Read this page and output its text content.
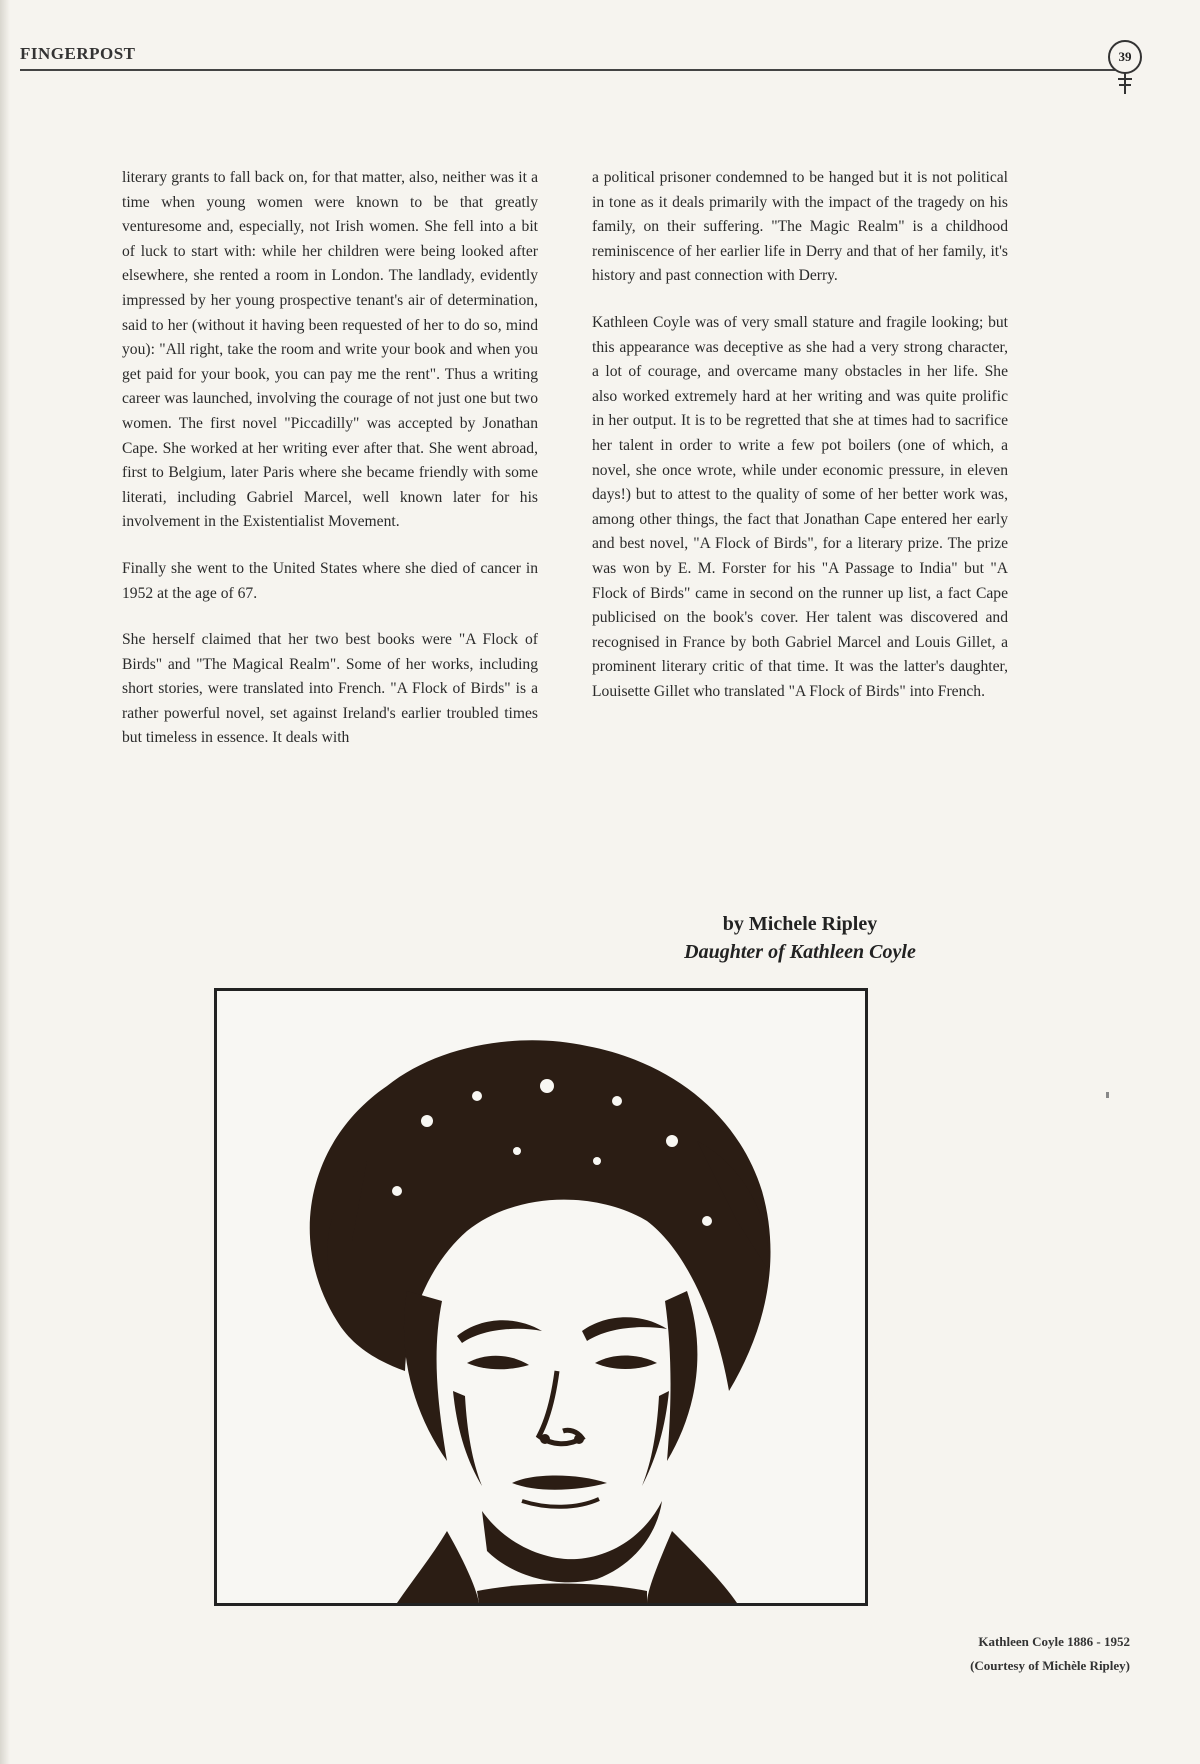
FINGERPOST	39

literary grants to fall back on, for that matter, also, neither was it a time when young women were known to be that greatly venturesome and, especially, not Irish women. She fell into a bit of luck to start with: while her children were being looked after elsewhere, she rented a room in London. The landlady, evidently impressed by her young prospective tenant's air of determination, said to her (without it having been requested of her to do so, mind you): "All right, take the room and write your book and when you get paid for your book, you can pay me the rent". Thus a writing career was launched, involving the courage of not just one but two women. The first novel "Piccadilly" was accepted by Jonathan Cape. She worked at her writing ever after that. She went abroad, first to Belgium, later Paris where she became friendly with some literati, including Gabriel Marcel, well known later for his involvement in the Existentialist Movement.

Finally she went to the United States where she died of cancer in 1952 at the age of 67.

She herself claimed that her two best books were "A Flock of Birds" and "The Magical Realm". Some of her works, including short stories, were translated into French. "A Flock of Birds" is a rather powerful novel, set against Ireland's earlier troubled times but timeless in essence. It deals with

a political prisoner condemned to be hanged but it is not political in tone as it deals primarily with the impact of the tragedy on his family, on their suffering. "The Magic Realm" is a childhood reminiscence of her earlier life in Derry and that of her family, it's history and past connection with Derry.

Kathleen Coyle was of very small stature and fragile looking; but this appearance was deceptive as she had a very strong character, a lot of courage, and overcame many obstacles in her life. She also worked extremely hard at her writing and was quite prolific in her output. It is to be regretted that she at times had to sacrifice her talent in order to write a few pot boilers (one of which, a novel, she once wrote, while under economic pressure, in eleven days!) but to attest to the quality of some of her better work was, among other things, the fact that Jonathan Cape entered her early and best novel, "A Flock of Birds", for a literary prize. The prize was won by E. M. Forster for his "A Passage to India" but "A Flock of Birds" came in second on the runner up list, a fact Cape publicised on the book's cover. Her talent was discovered and recognised in France by both Gabriel Marcel and Louis Gillet, a prominent literary critic of that time. It was the latter's daughter, Louisette Gillet who translated "A Flock of Birds" into French.

by Michele Ripley
Daughter of Kathleen Coyle
Kathleen Coyle 1886 - 1952
(Courtesy of Michèle Ripley)
